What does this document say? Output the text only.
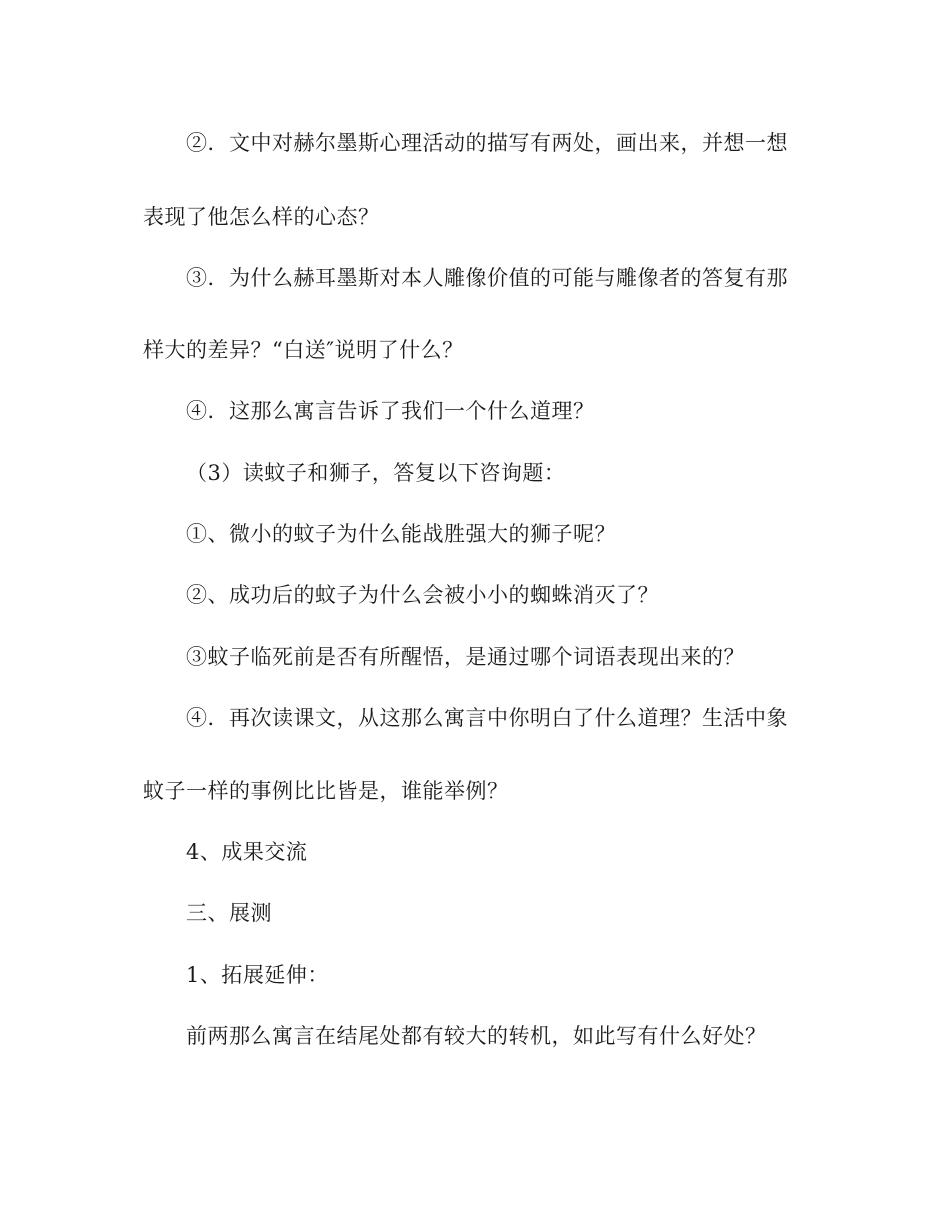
②．文中对赫尔墨斯心理活动的描写有两处，画出来，并想一想
表现了他怎么样的心态？
③．为什么赫耳墨斯对本人雕像价值的可能与雕像者的答复有那
样大的差异？“白送″说明了什么？
④．这那么寓言告诉了我们一个什么道理？
（3）读蚊子和狮子，答复以下咨询题：
①、微小的蚊子为什么能战胜强大的狮子呢？
②、成功后的蚊子为什么会被小小的蜘蛛消灭了？
③蚊子临死前是否有所醒悟，是通过哪个词语表现出来的？
④．再次读课文，从这那么寓言中你明白了什么道理？生活中象
蚊子一样的事例比比皆是，谁能举例？
4、成果交流
三、展测
1、拓展延伸：
前两那么寓言在结尾处都有较大的转机，如此写有什么好处？
